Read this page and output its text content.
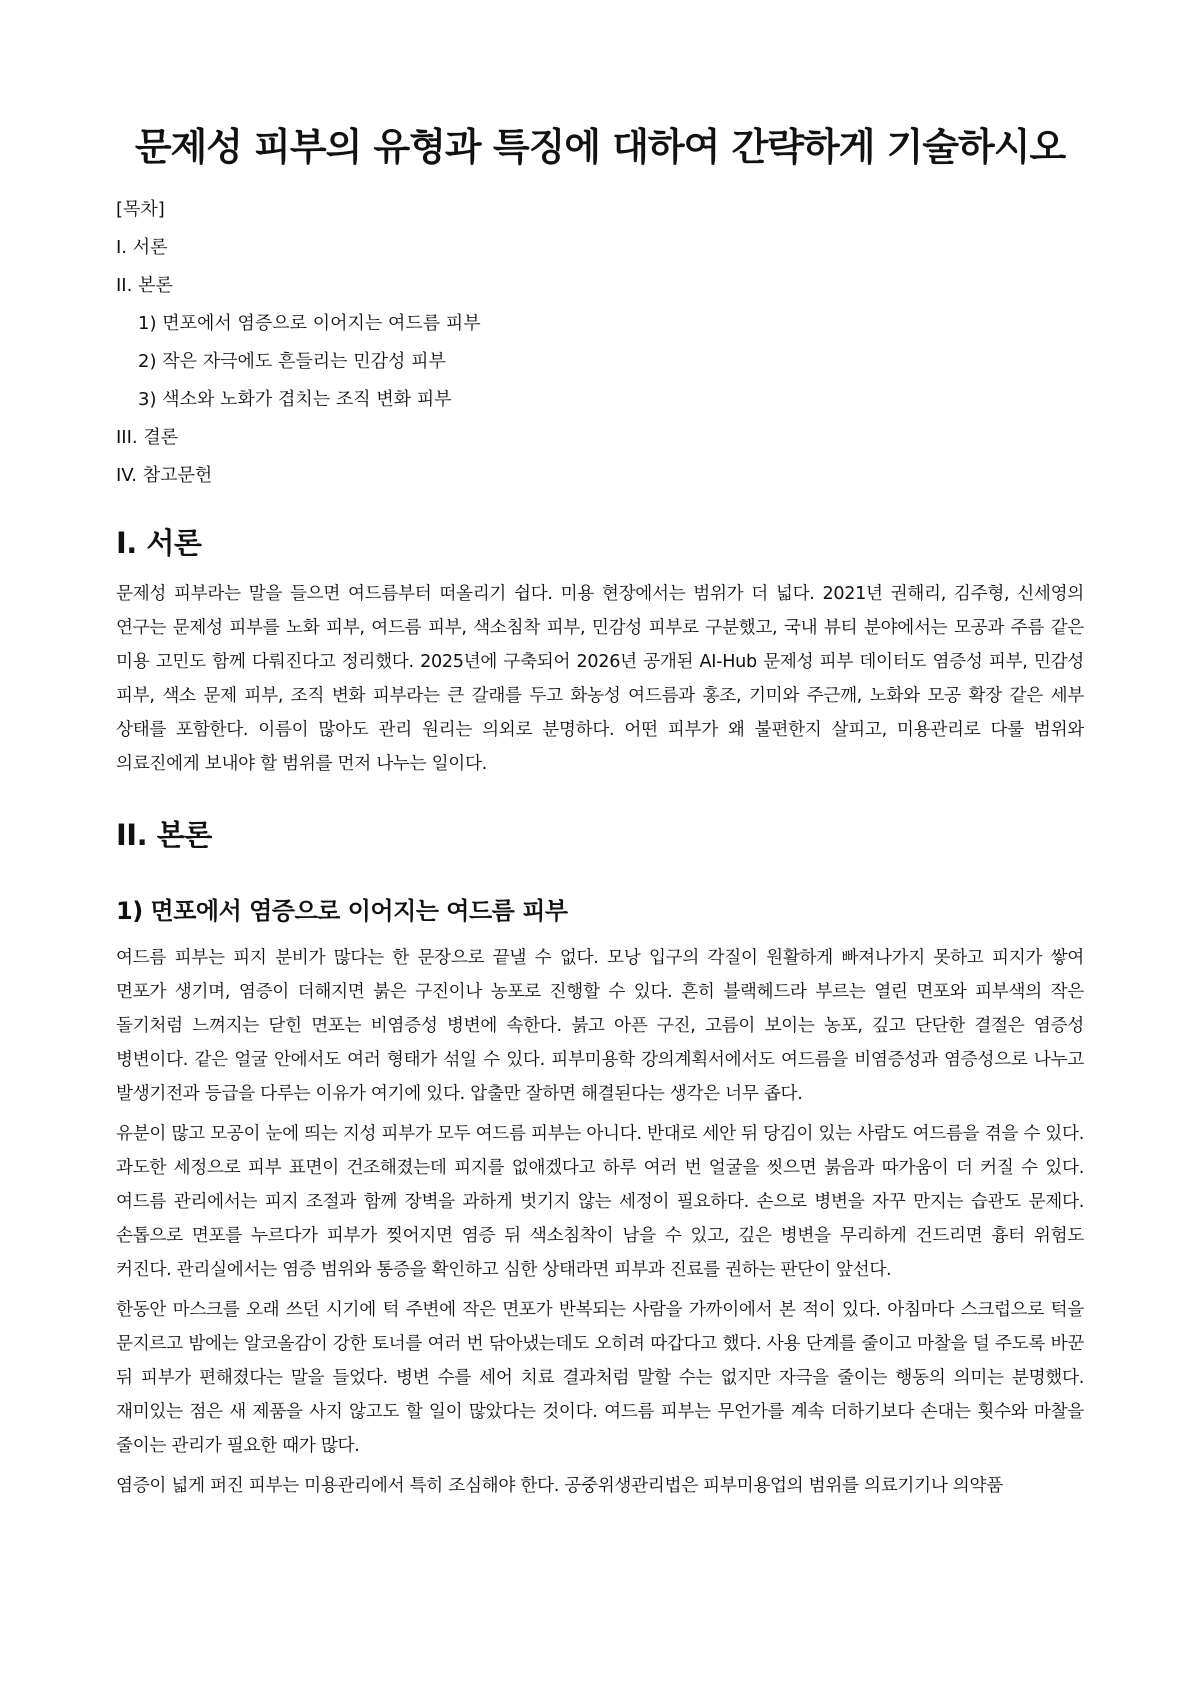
문제성 피부의 유형과 특징에 대하여 간략하게 기술하시오
[목차]
I. 서론
II. 본론
1) 면포에서 염증으로 이어지는 여드름 피부
2) 작은 자극에도 흔들리는 민감성 피부
3) 색소와 노화가 겹치는 조직 변화 피부
III. 결론
IV. 참고문헌
I. 서론

문제성 피부라는 말을 들으면 여드름부터 떠올리기 쉽다. 미용 현장에서는 범위가 더 넓다. 2021년 권해리, 김주형, 신세영의 연구는 문제성 피부를 노화 피부, 여드름 피부, 색소침착 피부, 민감성 피부로 구분했고, 국내 뷰티 분야에서는 모공과 주름 같은 미용 고민도 함께 다뤄진다고 정리했다. 2025년에 구축되어 2026년 공개된 AI-Hub 문제성 피부 데이터도 염증성 피부, 민감성 피부, 색소 문제 피부, 조직 변화 피부라는 큰 갈래를 두고 화농성 여드름과 홍조, 기미와 주근깨, 노화와 모공 확장 같은 세부 상태를 포함한다. 이름이 많아도 관리 원리는 의외로 분명하다. 어떤 피부가 왜 불편한지 살피고, 미용관리로 다룰 범위와 의료진에게 보내야 할 범위를 먼저 나누는 일이다.

II. 본론
1) 면포에서 염증으로 이어지는 여드름 피부

여드름 피부는 피지 분비가 많다는 한 문장으로 끝낼 수 없다. 모낭 입구의 각질이 원활하게 빠져나가지 못하고 피지가 쌓여 면포가 생기며, 염증이 더해지면 붉은 구진이나 농포로 진행할 수 있다. 흔히 블랙헤드라 부르는 열린 면포와 피부색의 작은 돌기처럼 느껴지는 닫힌 면포는 비염증성 병변에 속한다. 붉고 아픈 구진, 고름이 보이는 농포, 깊고 단단한 결절은 염증성 병변이다. 같은 얼굴 안에서도 여러 형태가 섞일 수 있다. 피부미용학 강의계획서에서도 여드름을 비염증성과 염증성으로 나누고 발생기전과 등급을 다루는 이유가 여기에 있다. 압출만 잘하면 해결된다는 생각은 너무 좁다.

유분이 많고 모공이 눈에 띄는 지성 피부가 모두 여드름 피부는 아니다. 반대로 세안 뒤 당김이 있는 사람도 여드름을 겪을 수 있다. 과도한 세정으로 피부 표면이 건조해졌는데 피지를 없애겠다고 하루 여러 번 얼굴을 씻으면 붉음과 따가움이 더 커질 수 있다. 여드름 관리에서는 피지 조절과 함께 장벽을 과하게 벗기지 않는 세정이 필요하다. 손으로 병변을 자꾸 만지는 습관도 문제다. 손톱으로 면포를 누르다가 피부가 찢어지면 염증 뒤 색소침착이 남을 수 있고, 깊은 병변을 무리하게 건드리면 흉터 위험도 커진다. 관리실에서는 염증 범위와 통증을 확인하고 심한 상태라면 피부과 진료를 권하는 판단이 앞선다.

한동안 마스크를 오래 쓰던 시기에 턱 주변에 작은 면포가 반복되는 사람을 가까이에서 본 적이 있다. 아침마다 스크럽으로 턱을 문지르고 밤에는 알코올감이 강한 토너를 여러 번 닦아냈는데도 오히려 따갑다고 했다. 사용 단계를 줄이고 마찰을 덜 주도록 바꾼 뒤 피부가 편해졌다는 말을 들었다. 병변 수를 세어 치료 결과처럼 말할 수는 없지만 자극을 줄이는 행동의 의미는 분명했다. 재미있는 점은 새 제품을 사지 않고도 할 일이 많았다는 것이다. 여드름 피부는 무언가를 계속 더하기보다 손대는 횟수와 마찰을 줄이는 관리가 필요한 때가 많다.

염증이 넓게 퍼진 피부는 미용관리에서 특히 조심해야 한다. 공중위생관리법은 피부미용업의 범위를 의료기기나 의약품
